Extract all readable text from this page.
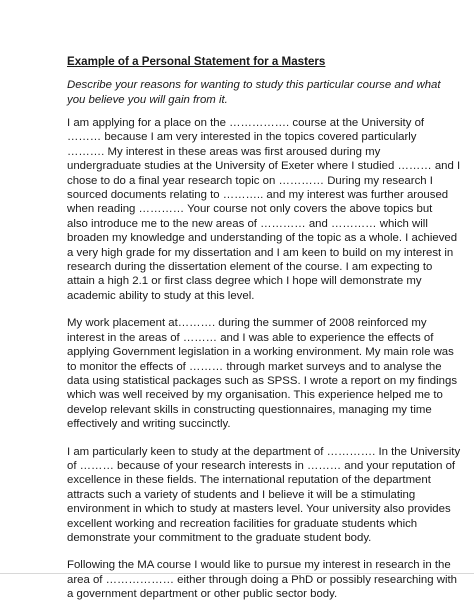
Example of a Personal Statement for a Masters
Describe your reasons for wanting to study this particular course and what
you believe you will gain from it.
I am applying for a place on the ……………. course at the University of
……… because I am very interested in the topics covered particularly
………. My interest in these areas was first aroused during my
undergraduate studies at the University of Exeter where I studied ……… and I
chose to do a final year research topic on ………… During my research I
sourced documents relating to ……….. and my interest was further aroused
when reading ………… Your course not only covers the above topics but
also introduce me to the new areas of ………… and ………… which will
broaden my knowledge and understanding of the topic as a whole. I achieved
a very high grade for my dissertation and I am keen to build on my interest in
research during the dissertation element of the course. I am expecting to
attain a high 2.1 or first class degree which I hope will demonstrate my
academic ability to study at this level.
My work placement at………. during the summer of 2008 reinforced my
interest in the areas of ……… and I was able to experience the effects of
applying Government legislation in a working environment. My main role was
to monitor the effects of ……… through market surveys and to analyse the
data using statistical packages such as SPSS. I wrote a report on my findings
which was well received by my organisation. This experience helped me to
develop relevant skills in constructing questionnaires, managing my time
effectively and writing succinctly.
I am particularly keen to study at the department of …………. In the University
of ……… because of your research interests in ……… and your reputation of
excellence in these fields. The international reputation of the department
attracts such a variety of students and I believe it will be a stimulating
environment in which to study at masters level. Your university also provides
excellent working and recreation facilities for graduate students which
demonstrate your commitment to the graduate student body.
Following the MA course I would like to pursue my interest in research in the
area of ……………… either through doing a PhD or possibly researching with
a government department or other public sector body.
